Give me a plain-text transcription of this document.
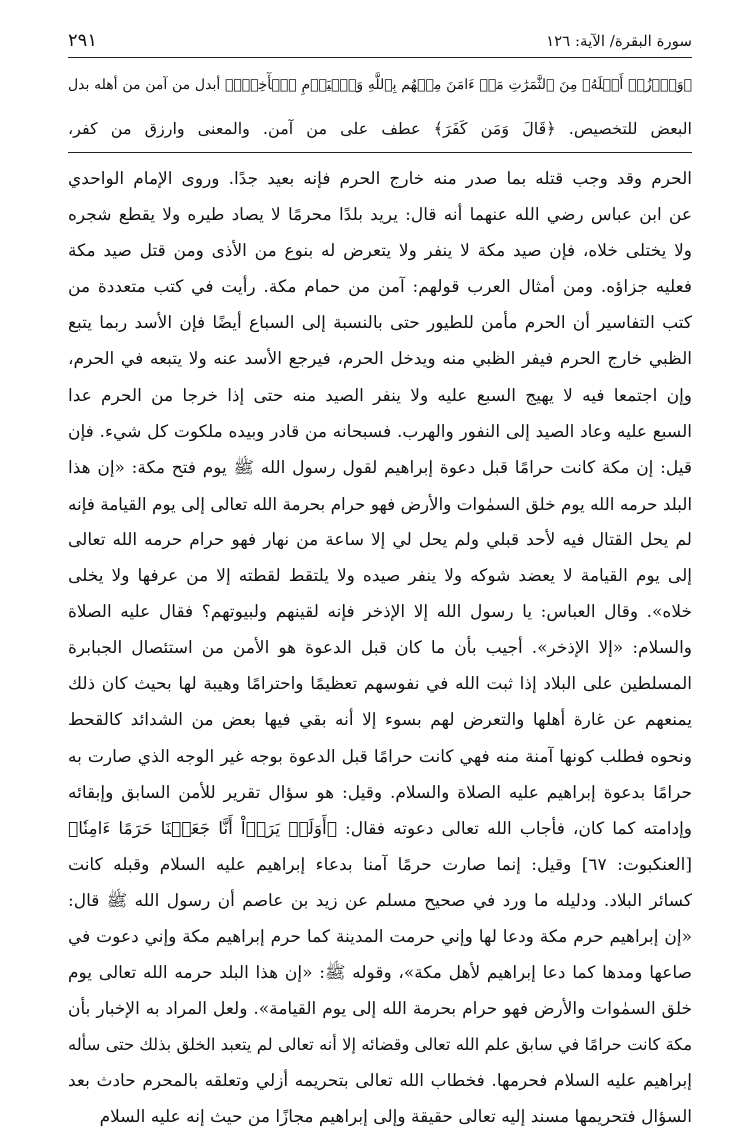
سورة البقرة/ الآية: ١٢٦
٢٩١
﴿وَٱرۡزُقۡ أَهۡلَهُۥ مِنَ ٱلثَّمَرَٰتِ مَنۡ ءَامَنَ مِنۡهُم بِٱللَّهِ وَٱلۡيَوۡمِ ٱلۡأٓخِرِۖ﴾ أبدل من آمن من أهله بدل
البعض للتخصيص. ﴿قَالَ وَمَن كَفَرَ﴾ عطف على من آمن. والمعنى وارزق من كفر،
الحرم وقد وجب قتله بما صدر منه خارج الحرم فإنه بعيد جدًا. وروى الإمام الواحدي
عن ابن عباس رضي الله عنهما أنه قال: يريد بلدًا محرمًا لا يصاد طيره ولا يقطع شجره
ولا يختلى خلاه، فإن صيد مكة لا ينفر ولا يتعرض له بنوع من الأذى ومن قتل صيد مكة
فعليه جزاؤه. ومن أمثال العرب قولهم: آمن من حمام مكة. رأيت في كتب متعددة من
كتب التفاسير أن الحرم مأمن للطيور حتى بالنسبة إلى السباع أيضًا فإن الأسد ربما يتبع
الظبي خارج الحرم فيفر الظبي منه ويدخل الحرم، فيرجع الأسد عنه ولا يتبعه في الحرم،
وإن اجتمعا فيه لا يهيج السبع عليه ولا ينفر الصيد منه حتى إذا خرجا من الحرم عدا
السبع عليه وعاد الصيد إلى النفور والهرب. فسبحانه من قادر وبيده ملكوت كل شيء. فإن
قيل: إن مكة كانت حرامًا قبل دعوة إبراهيم لقول رسول الله ﷺ يوم فتح مكة: «إن هذا
البلد حرمه الله يوم خلق السمٰوات والأرض فهو حرام بحرمة الله تعالى إلى يوم القيامة فإنه
لم يحل القتال فيه لأحد قبلي ولم يحل لي إلا ساعة من نهار فهو حرام حرمه الله تعالى
إلى يوم القيامة لا يعضد شوكه ولا ينفر صيده ولا يلتقط لقطته إلا من عرفها ولا يخلى
خلاه». وقال العباس: يا رسول الله إلا الإذخر فإنه لقينهم ولبيوتهم؟ فقال عليه الصلاة
والسلام: «إلا الإذخر». أجيب بأن ما كان قبل الدعوة هو الأمن من استئصال الجبابرة
المسلطين على البلاد إذا ثبت الله في نفوسهم تعظيمًا واحترامًا وهيبة لها بحيث كان ذلك
يمنعهم عن غارة أهلها والتعرض لهم بسوء إلا أنه بقي فيها بعض من الشدائد كالقحط
ونحوه فطلب كونها آمنة منه فهي كانت حرامًا قبل الدعوة بوجه غير الوجه الذي صارت به
حرامًا بدعوة إبراهيم عليه الصلاة والسلام. وقيل: هو سؤال تقرير للأمن السابق وإبقائه
وإدامته كما كان، فأجاب الله تعالى دعوته فقال: ﴿أَوَلَمۡ يَرَوۡاْ أَنَّا جَعَلۡنَا حَرَمًا ءَامِنٗا﴾
[العنكبوت: ٦٧] وقيل: إنما صارت حرمًا آمنا بدعاء إبراهيم عليه السلام وقبله كانت
كسائر البلاد. ودليله ما ورد في صحيح مسلم عن زيد بن عاصم أن رسول الله ﷺ قال:
«إن إبراهيم حرم مكة ودعا لها وإني حرمت المدينة كما حرم إبراهيم مكة وإني دعوت في
صاعها ومدها كما دعا إبراهيم لأهل مكة»، وقوله ﷺ: «إن هذا البلد حرمه الله تعالى يوم
خلق السمٰوات والأرض فهو حرام بحرمة الله إلى يوم القيامة». ولعل المراد به الإخبار بأن
مكة كانت حرامًا في سابق علم الله تعالى وقضائه إلا أنه تعالى لم يتعبد الخلق بذلك حتى سأله
إبراهيم عليه السلام فحرمها. فخطاب الله تعالى بتحريمه أزلي وتعلقه بالمحرم حادث بعد
السؤال فتحريمها مسند إليه تعالى حقيقة وإلى إبراهيم مجازًا من حيث إنه عليه السلام
